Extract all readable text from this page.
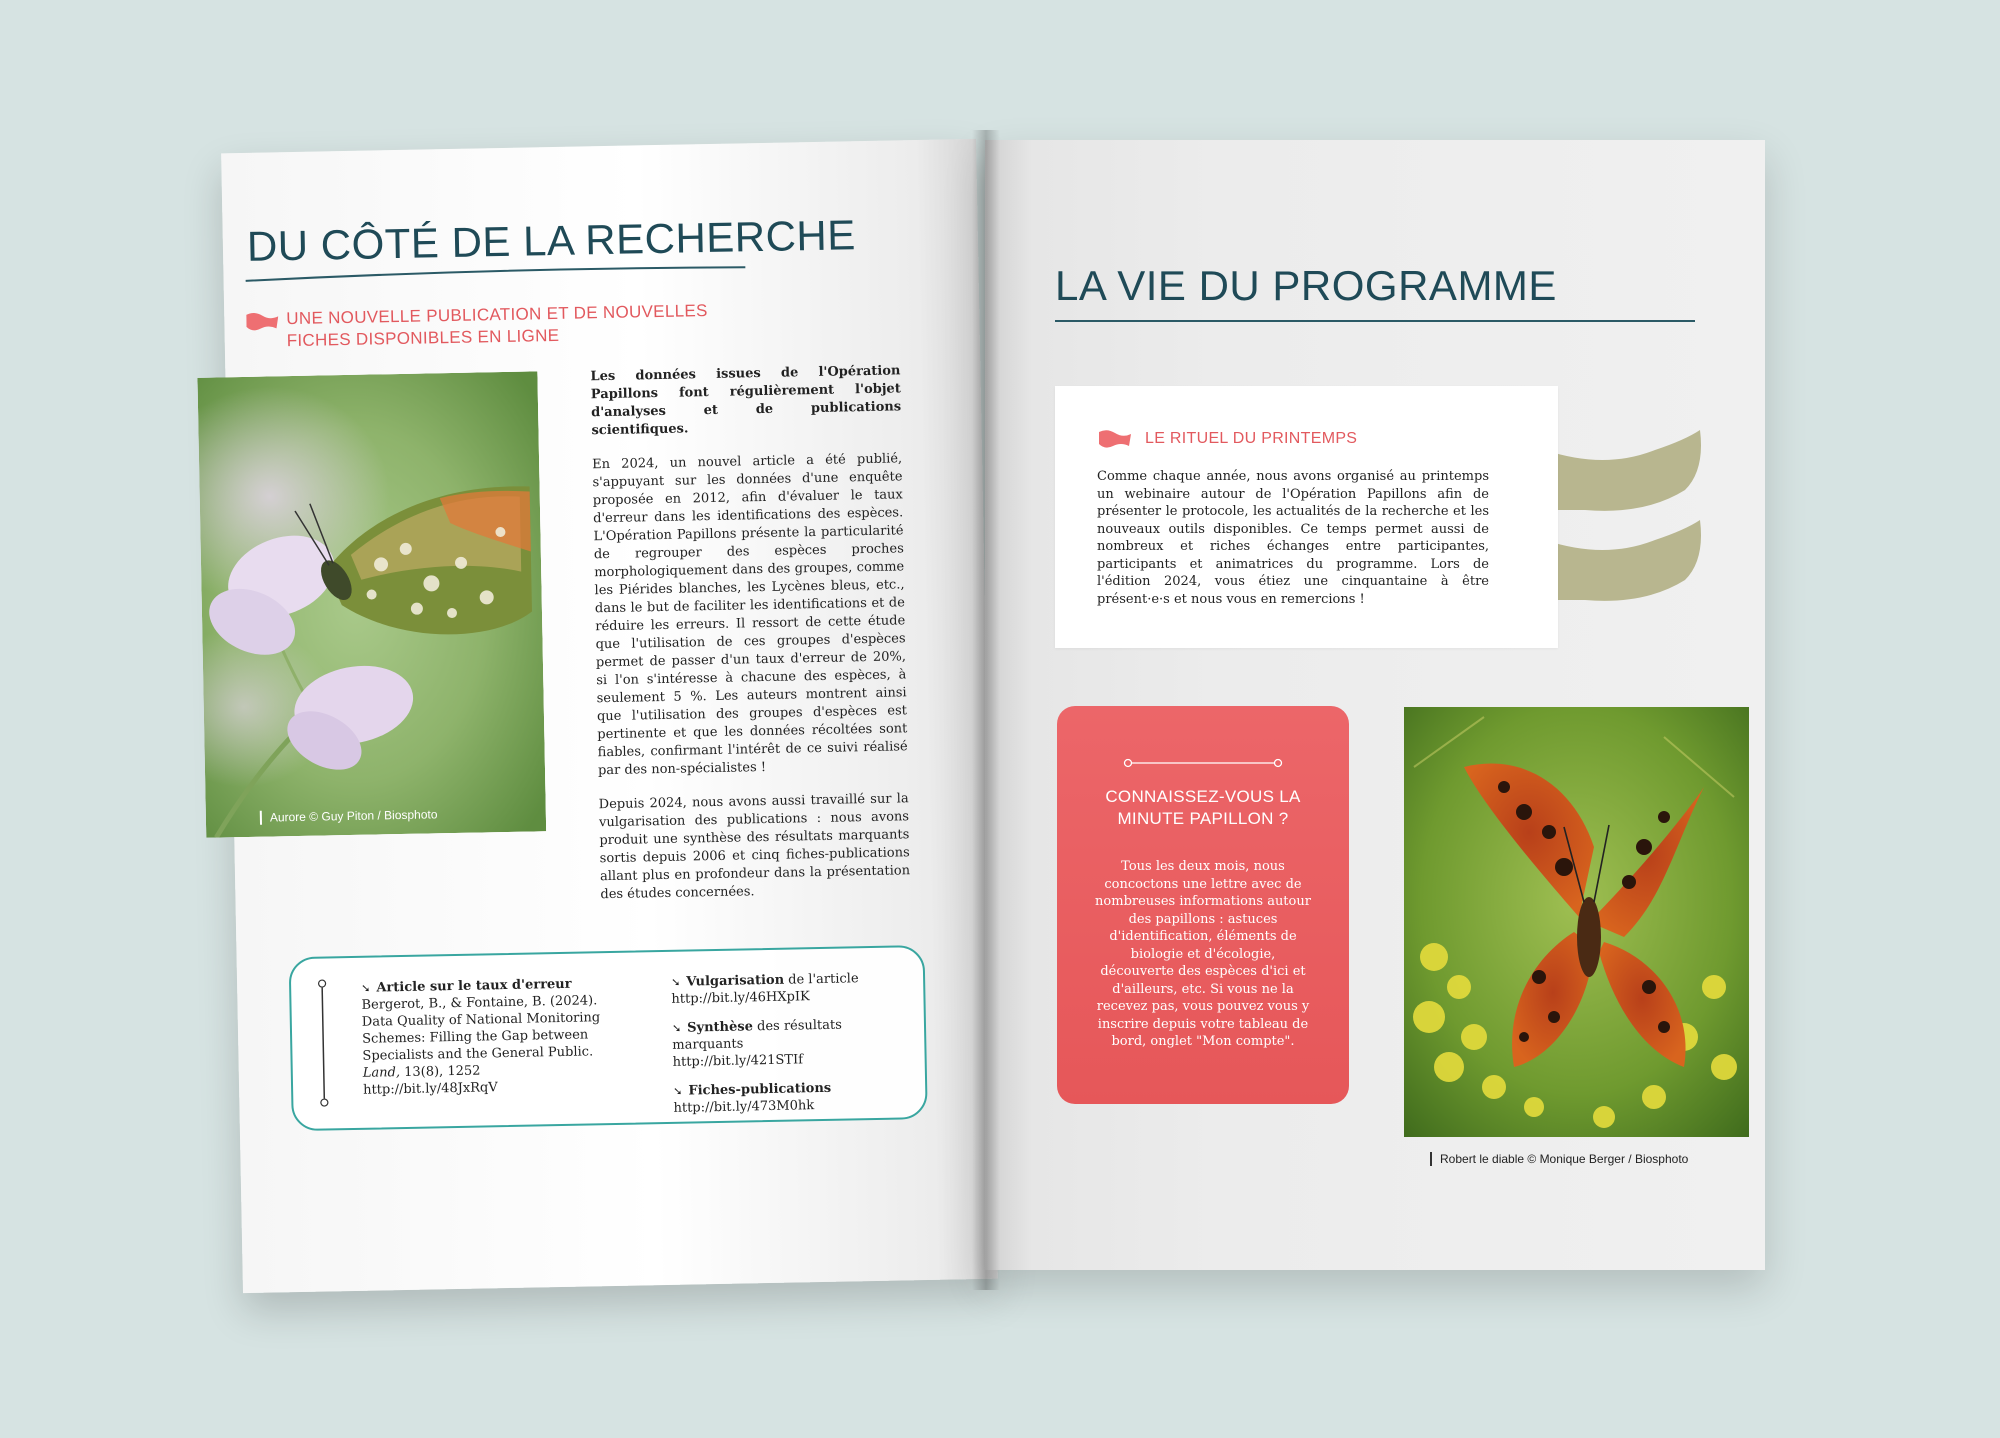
DU CÔTÉ DE LA RECHERCHE
UNE NOUVELLE PUBLICATION ET DE NOUVELLES FICHES DISPONIBLES EN LIGNE
Aurore © Guy Piton / Biosphoto

Les données issues de l'Opération Papillons font régulièrement l'objet d'analyses et de publications scientifiques.

En 2024, un nouvel article a été publié, s'appuyant sur les données d'une enquête proposée en 2012, afin d'évaluer le taux d'erreur dans les identifications des espèces. L'Opération Papillons présente la particularité de regrouper des espèces proches morphologiquement dans des groupes, comme les Piérides blanches, les Lycènes bleus, etc., dans le but de faciliter les identifications et de réduire les erreurs. Il ressort de cette étude que l'utilisation de ces groupes d'espèces permet de passer d'un taux d'erreur de 20%, si l'on s'intéresse à chacune des espèces, à seulement 5 %. Les auteurs montrent ainsi que l'utilisation des groupes d'espèces est pertinente et que les données récoltées sont fiables, confirmant l'intérêt de ce suivi réalisé par des non-spécialistes !

Depuis 2024, nous avons aussi travaillé sur la vulgarisation des publications : nous avons produit une synthèse des résultats marquants sortis depuis 2006 et cinq fiches-publications allant plus en profondeur dans la présentation des études concernées.

➘ Article sur le taux d'erreur
Bergerot, B., & Fontaine, B. (2024). Data Quality of National Monitoring Schemes: Filling the Gap between Specialists and the General Public. Land, 13(8), 1252
http://bit.ly/48JxRqV
➘ Vulgarisation de l'article
http://bit.ly/46HXpIK
➘ Synthèse des résultats marquants
http://bit.ly/421STIf
➘ Fiches-publications
http://bit.ly/473M0hk
LA VIE DU PROGRAMME
LE RITUEL DU PRINTEMPS
Comme chaque année, nous avons organisé au printemps un webinaire autour de l'Opération Papillons afin de présenter le protocole, les actualités de la recherche et les nouveaux outils disponibles. Ce temps permet aussi de nombreux et riches échanges entre participantes, participants et animatrices du programme. Lors de l'édition 2024, vous étiez une cinquantaine à être présent·e·s et nous vous en remercions !
CONNAISSEZ-VOUS LA MINUTE PAPILLON ?
Tous les deux mois, nous concoctons une lettre avec de nombreuses informations autour des papillons : astuces d'identification, éléments de biologie et d'écologie, découverte des espèces d'ici et d'ailleurs, etc. Si vous ne la recevez pas, vous pouvez vous y inscrire depuis votre tableau de bord, onglet "Mon compte".
Robert le diable © Monique Berger / Biosphoto
